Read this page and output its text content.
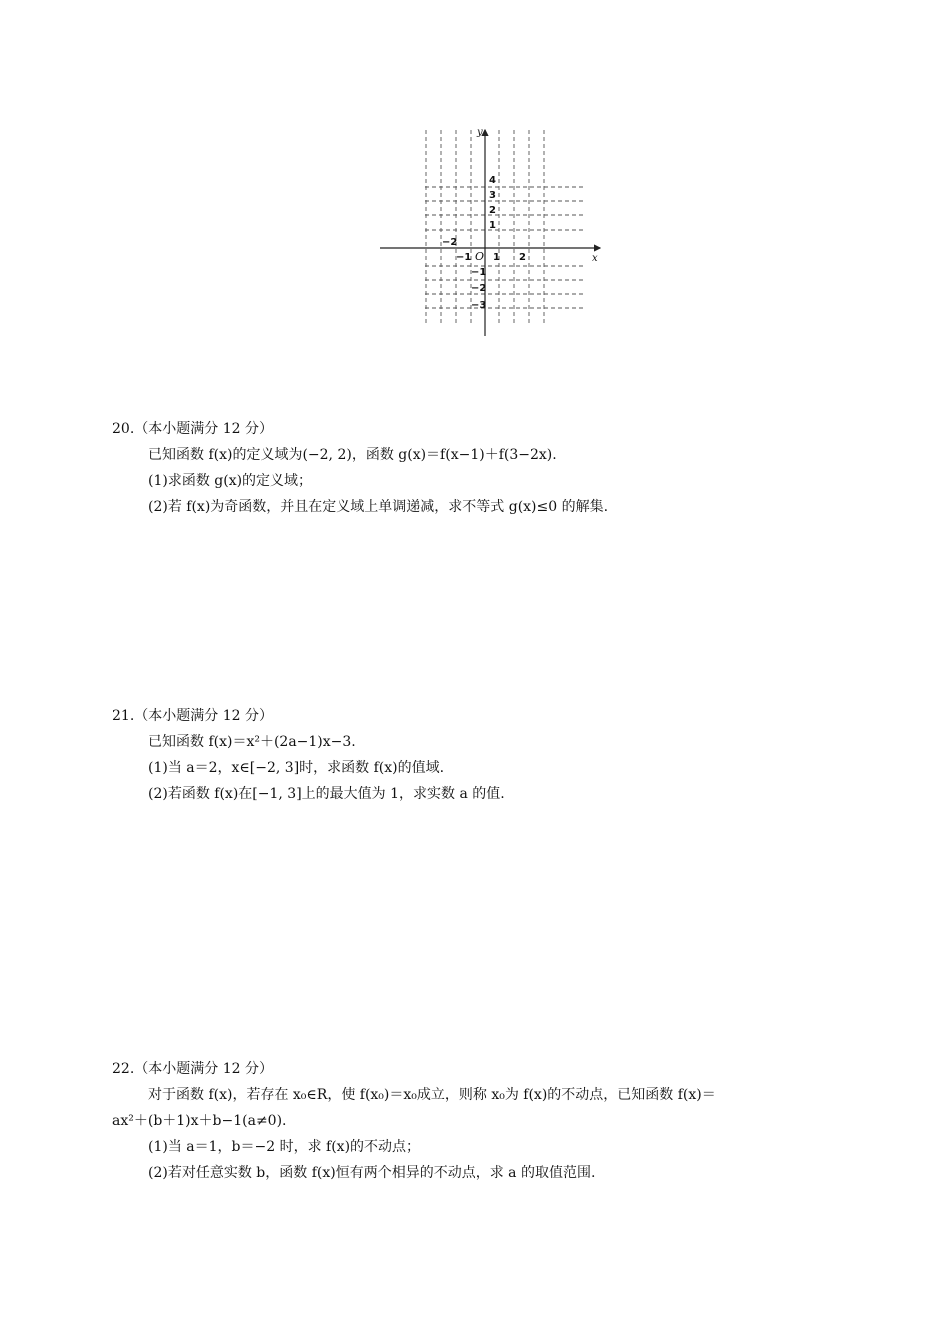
x
y
O
−2
−1 1 2
4
3
2
1
−1
−2
−3

20.（本小题满分 12 分）

已知函数 f(x)的定义域为(−2, 2)，函数 g(x)＝f(x−1)＋f(3−2x).

(1)求函数 g(x)的定义域；

(2)若 f(x)为奇函数，并且在定义域上单调递减，求不等式 g(x)≤0 的解集.

21.（本小题满分 12 分）

已知函数 f(x)＝x²＋(2a−1)x−3.

(1)当 a＝2，x∈[−2, 3]时，求函数 f(x)的值域.

(2)若函数 f(x)在[−1, 3]上的最大值为 1，求实数 a 的值.

22.（本小题满分 12 分）

对于函数 f(x)，若存在 x₀∈R，使 f(x₀)＝x₀成立，则称 x₀为 f(x)的不动点，已知函数 f(x)＝

ax²＋(b＋1)x＋b−1(a≠0).

(1)当 a＝1，b＝−2 时，求 f(x)的不动点；

(2)若对任意实数 b，函数 f(x)恒有两个相异的不动点，求 a 的取值范围.
